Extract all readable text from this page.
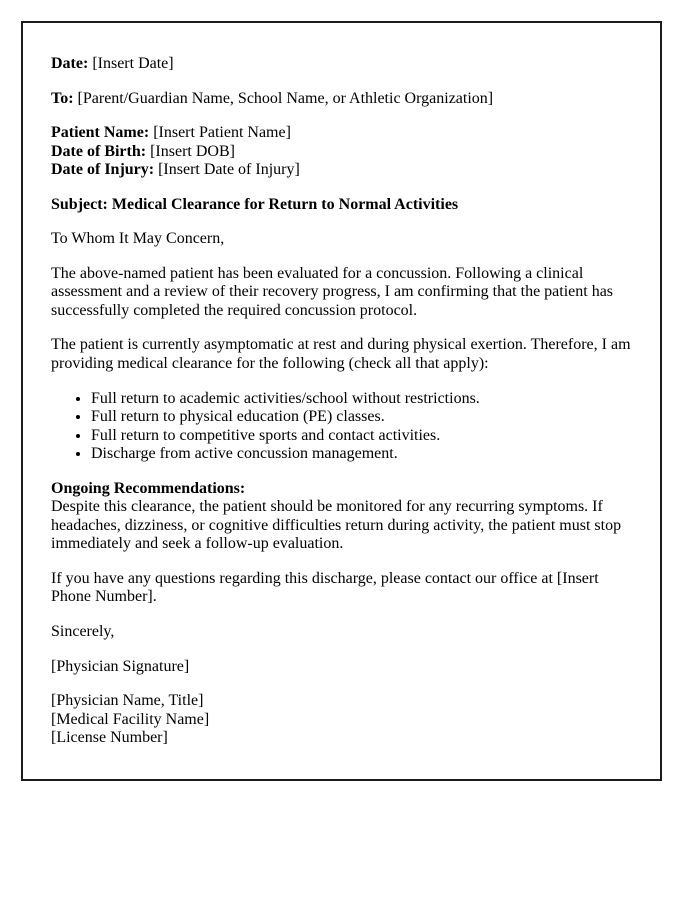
Date: [Insert Date]

To: [Parent/Guardian Name, School Name, or Athletic Organization]

Patient Name: [Insert Patient Name]
Date of Birth: [Insert DOB]
Date of Injury: [Insert Date of Injury]

Subject: Medical Clearance for Return to Normal Activities

To Whom It May Concern,

The above-named patient has been evaluated for a concussion. Following a clinical assessment and a review of their recovery progress, I am confirming that the patient has successfully completed the required concussion protocol.

The patient is currently asymptomatic at rest and during physical exertion. Therefore, I am providing medical clearance for the following (check all that apply):

• Full return to academic activities/school without restrictions.
• Full return to physical education (PE) classes.
• Full return to competitive sports and contact activities.
• Discharge from active concussion management.

Ongoing Recommendations:
Despite this clearance, the patient should be monitored for any recurring symptoms. If headaches, dizziness, or cognitive difficulties return during activity, the patient must stop immediately and seek a follow-up evaluation.

If you have any questions regarding this discharge, please contact our office at [Insert Phone Number].

Sincerely,

[Physician Signature]

[Physician Name, Title]
[Medical Facility Name]
[License Number]
